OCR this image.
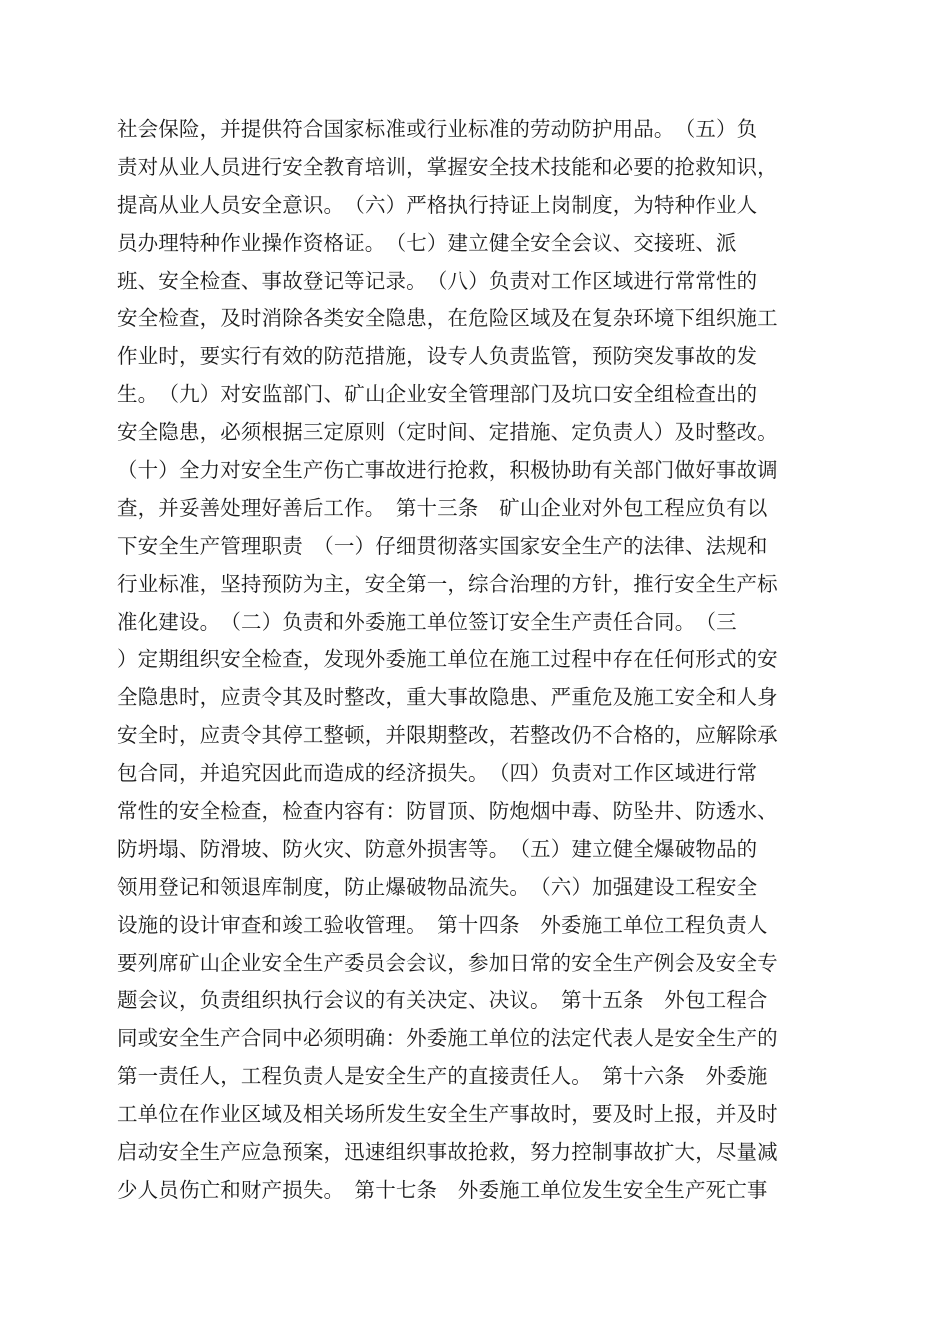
社会保险，并提供符合国家标准或行业标准的劳动防护用品。　（五）负
责对从业人员进行安全教育培训，掌握安全技术技能和必要的抢救知识，
提高从业人员安全意识。　（六）严格执行持证上岗制度，为特种作业人
员办理特种作业操作资格证。　（七）建立健全安全会议、交接班、派
班、安全检查、事故登记等记录。　（八）负责对工作区域进行常常性的
安全检查，及时消除各类安全隐患，在危险区域及在复杂环境下组织施工
作业时，要实行有效的防范措施，设专人负责监管，预防突发事故的发
生。　（九）对安监部门、矿山企业安全管理部门及坑口安全组检查出的
安全隐患，必须根据三定原则（定时间、定措施、定负责人）及时整改。
（十）全力对安全生产伤亡事故进行抢救，积极协助有关部门做好事故调
查，并妥善处理好善后工作。　第十三条　矿山企业对外包工程应负有以
下安全生产管理职责　（一）仔细贯彻落实国家安全生产的法律、法规和
行业标准，坚持预防为主，安全第一，综合治理的方针，推行安全生产标
准化建设。　（二）负责和外委施工单位签订安全生产责任合同。　（三
）定期组织安全检查，发现外委施工单位在施工过程中存在任何形式的安
全隐患时，应责令其及时整改，重大事故隐患、严重危及施工安全和人身
安全时，应责令其停工整顿，并限期整改，若整改仍不合格的，应解除承
包合同，并追究因此而造成的经济损失。　（四）负责对工作区域进行常
常性的安全检查，检查内容有：防冒顶、防炮烟中毒、防坠井、防透水、
防坍塌、防滑坡、防火灾、防意外损害等。　（五）建立健全爆破物品的
领用登记和领退库制度，防止爆破物品流失。　（六）加强建设工程安全
设施的设计审查和竣工验收管理。　第十四条　外委施工单位工程负责人
要列席矿山企业安全生产委员会会议，参加日常的安全生产例会及安全专
题会议，负责组织执行会议的有关决定、决议。　第十五条　外包工程合
同或安全生产合同中必须明确：外委施工单位的法定代表人是安全生产的
第一责任人，工程负责人是安全生产的直接责任人。　第十六条　外委施
工单位在作业区域及相关场所发生安全生产事故时，要及时上报，并及时
启动安全生产应急预案，迅速组织事故抢救，努力控制事故扩大，尽量减
少人员伤亡和财产损失。　第十七条　外委施工单位发生安全生产死亡事
